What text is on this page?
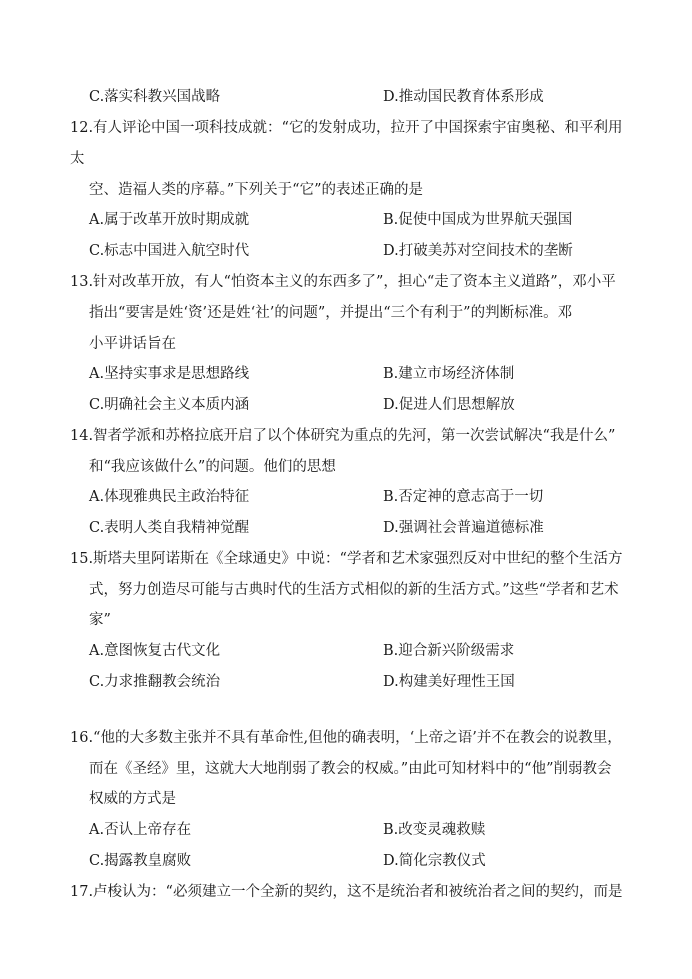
C.落实科教兴国战略	D.推动国民教育体系形成
12.有人评论中国一项科技成就：“它的发射成功，拉开了中国探索宇宙奥秘、和平利用
太
空、造福人类的序幕。”下列关于“它”的表述正确的是
A.属于改革开放时期成就	B.促使中国成为世界航天强国
C.标志中国进入航空时代	D.打破美苏对空间技术的垄断
13.针对改革开放，有人“怕资本主义的东西多了”，担心“走了资本主义道路”，邓小平
指出“要害是姓‘资’还是姓‘社’的问题”，并提出“三个有利于”的判断标准。邓
小平讲话旨在
A.坚持实事求是思想路线	B.建立市场经济体制
C.明确社会主义本质内涵	D.促进人们思想解放
14.智者学派和苏格拉底开启了以个体研究为重点的先河，第一次尝试解决“我是什么”
和“我应该做什么”的问题。他们的思想
A.体现雅典民主政治特征	B.否定神的意志高于一切
C.表明人类自我精神觉醒	D.强调社会普遍道德标准
15.斯塔夫里阿诺斯在《全球通史》中说：“学者和艺术家强烈反对中世纪的整个生活方
式，努力创造尽可能与古典时代的生活方式相似的新的生活方式。”这些“学者和艺术
家”
A.意图恢复古代文化	B.迎合新兴阶级需求
C.力求推翻教会统治	D.构建美好理性王国
16.“他的大多数主张并不具有革命性,但他的确表明，‘上帝之语’并不在教会的说教里，
而在《圣经》里，这就大大地削弱了教会的权威。”由此可知材料中的“他”削弱教会
权威的方式是
A.否认上帝存在	B.改变灵魂救赎
C.揭露教皇腐败	D.简化宗教仪式
17.卢梭认为：“必须建立一个全新的契约，这不是统治者和被统治者之间的契约，而是
